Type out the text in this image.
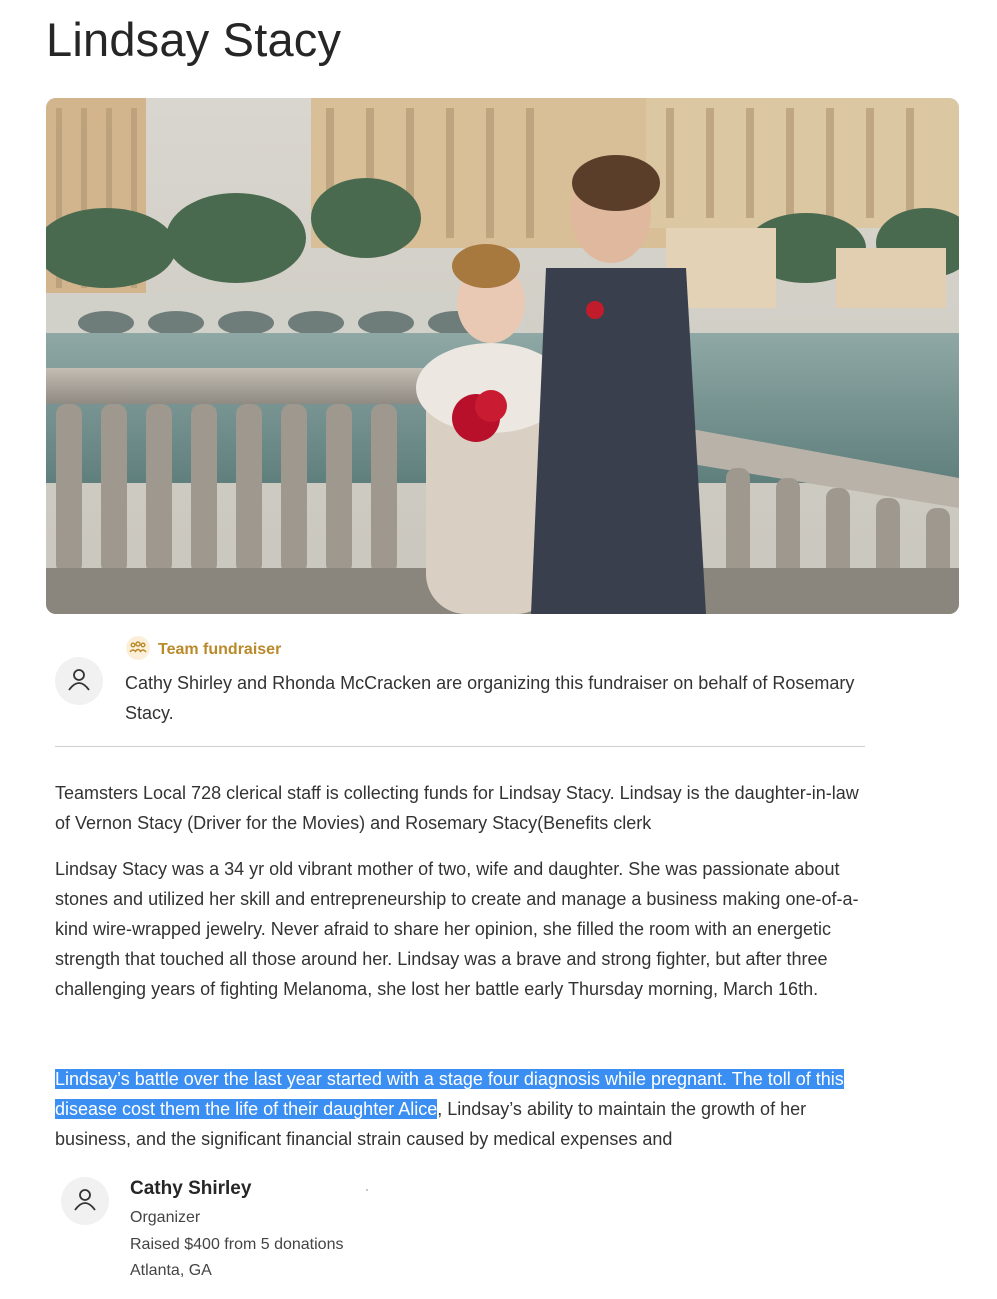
Lindsay Stacy
Team fundraiser

Cathy Shirley and Rhonda McCracken are organizing this fundraiser on behalf of Rosemary Stacy.

Teamsters Local 728 clerical staff is collecting funds for Lindsay Stacy. Lindsay is the daughter-in-law of Vernon Stacy (Driver for the Movies) and Rosemary Stacy(Benefits clerk

Lindsay Stacy was a 34 yr old vibrant mother of two, wife and daughter. She was passionate about stones and utilized her skill and entrepreneurship to create and manage a business making one-of-a-kind wire-wrapped jewelry. Never afraid to share her opinion, she filled the room with an energetic strength that touched all those around her. Lindsay was a brave and strong fighter, but after three challenging years of fighting Melanoma, she lost her battle early Thursday morning, March 16th.

Lindsay’s battle over the last year started with a stage four diagnosis while pregnant. The toll of this disease cost them the life of their daughter Alice, Lindsay’s ability to maintain the growth of her business, and the significant financial strain caused by medical expenses and

Cathy Shirley
Organizer
Raised $400 from 5 donations
Atlanta, GA
